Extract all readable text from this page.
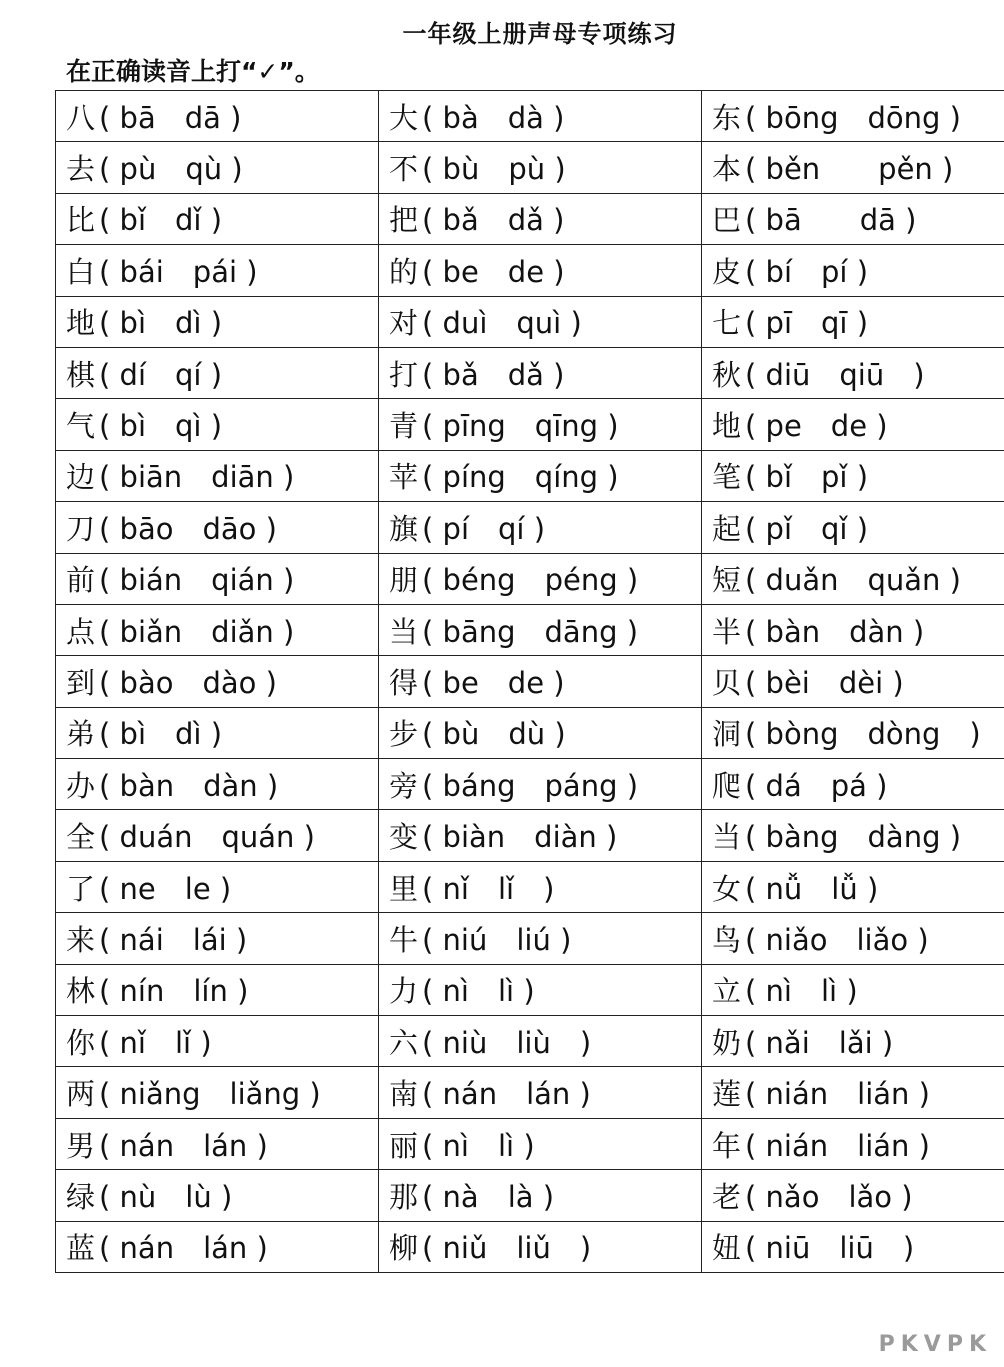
一年级上册声母专项练习
在正确读音上打“✓”。
八 ( bā　dā )	大 ( bà　dà )	东 ( bōng　dōng )
去 ( pù　qù )	不 ( bù　pù )	本 ( běn　　pěn )
比 ( bǐ　dǐ )	把 ( bǎ　dǎ )	巴 ( bā　　dā )
白 ( bái　pái )	的 ( be　de )	皮 ( bí　pí )
地 ( bì　dì )	对 ( duì　quì )	七 ( pī　qī )
棋 ( dí　qí )	打 ( bǎ　dǎ )	秋 ( diū　qiū　)
气 ( bì　qì )	青 ( pīng　qīng )	地 ( pe　de )
边 ( biān　diān )	苹 ( píng　qíng )	笔 ( bǐ　pǐ )
刀 ( bāo　dāo )	旗 ( pí　qí )	起 ( pǐ　qǐ )
前 ( bián　qián )	朋 ( béng　péng )	短 ( duǎn　quǎn )
点 ( biǎn　diǎn )	当 ( bāng　dāng )	半 ( bàn　dàn )
到 ( bào　dào )	得 ( be　de )	贝 ( bèi　dèi )
弟 ( bì　dì )	步 ( bù　dù )	洞 ( bòng　dòng　)
办 ( bàn　dàn )	旁 ( báng　páng )	爬 ( dá　pá )
全 ( duán　quán )	变 ( biàn　diàn )	当 ( bàng　dàng )
了 ( ne　le )	里 ( nǐ　lǐ　)	女 ( nǚ　lǚ )
来 ( nái　lái )	牛 ( niú　liú )	鸟 ( niǎo　liǎo )
林 ( nín　lín )	力 ( nì　lì )	立 ( nì　lì )
你 ( nǐ　lǐ )	六 ( niù　liù　)	奶 ( nǎi　lǎi )
两 ( niǎng　liǎng )	南 ( nán　lán )	莲 ( nián　lián )
男 ( nán　lán )	丽 ( nì　lì )	年 ( nián　lián )
绿 ( nù　lù )	那 ( nà　là )	老 ( nǎo　lǎo )
蓝 ( nán　lán )	柳 ( niǔ　liǔ　)	妞 ( niū　liū　)
PKVPK
